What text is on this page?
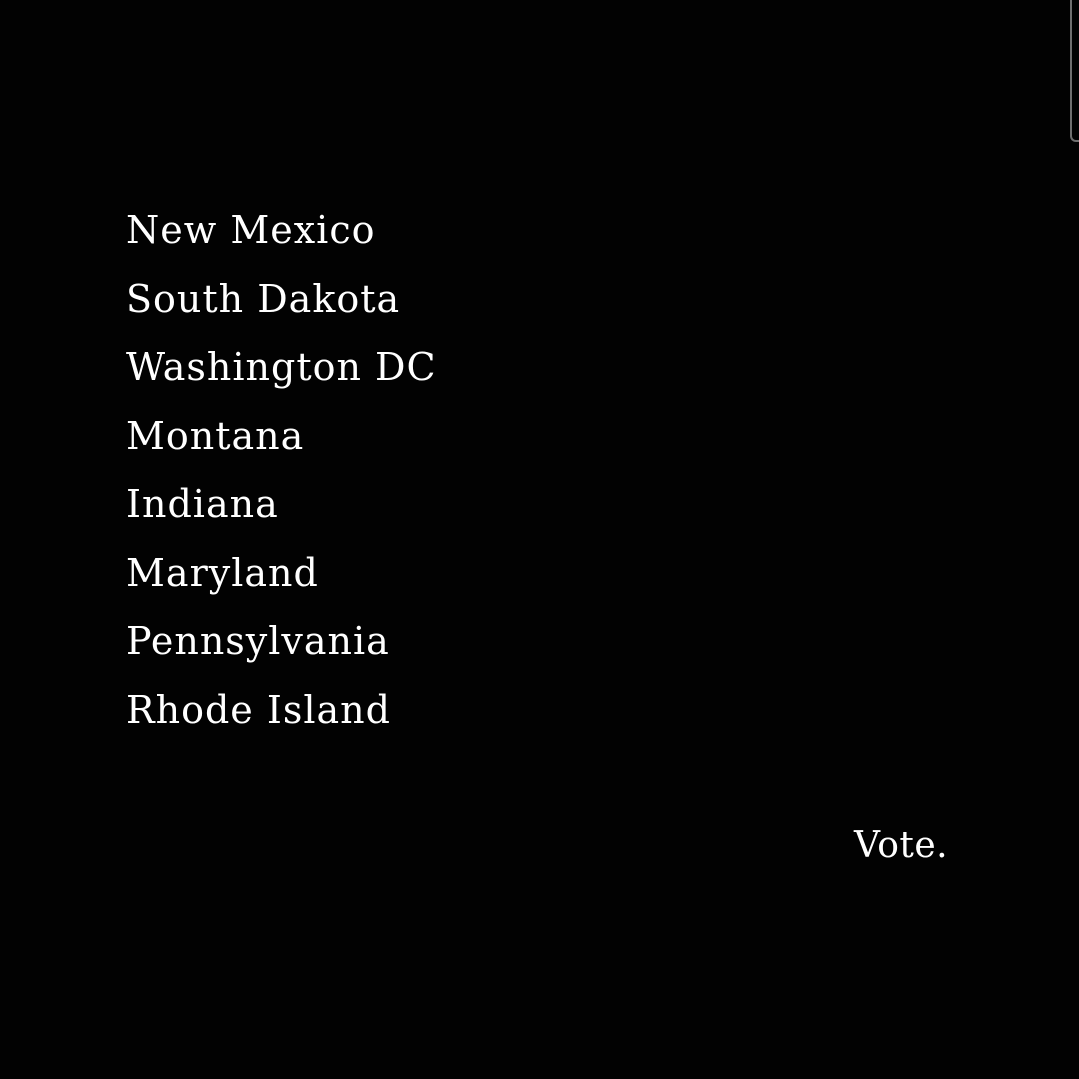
New Mexico
South Dakota
Washington DC
Montana
Indiana
Maryland
Pennsylvania
Rhode Island
Vote.
